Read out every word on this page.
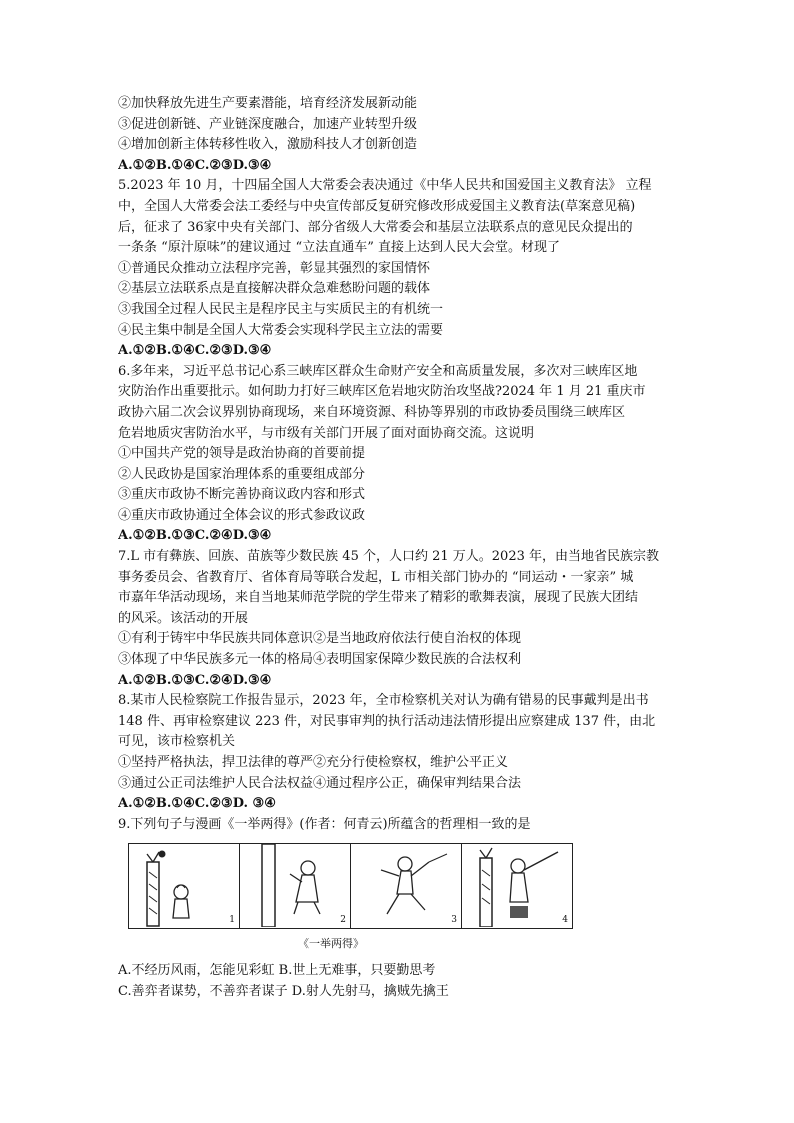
②加快释放先进生产要素潜能，培育经济发展新动能
③促进创新链、产业链深度融合，加速产业转型升级
④增加创新主体转移性收入，激励科技人才创新创造
A.①②B.①④C.②③D.③④
5.2023 年 10 月，十四届全国人大常委会表决通过《中华人民共和国爱国主义教育法》 立程
中，全国人大常委会法工委经与中央宣传部反复研究修改形成爱国主义教育法(草案意见稿)
后，征求了 36家中央有关部门、部分省级人大常委会和基层立法联系点的意见民众提出的
一条条 “原汁原味”的建议通过 “立法直通车” 直接上达到人民大会堂。材现了
①普通民众推动立法程序完善，彰显其强烈的家国情怀
②基层立法联系点是直接解决群众急难愁盼问题的载体
③我国全过程人民民主是程序民主与实质民主的有机统一
④民主集中制是全国人大常委会实现科学民主立法的需要
A.①②B.①④C.②③D.③④
6.多年来，习近平总书记心系三峡库区群众生命财产安全和高质量发展，多次对三峡库区地
灾防治作出重要批示。如何助力打好三峡库区危岩地灾防治攻坚战?2024 年 1 月 21 重庆市
政协六届二次会议界别协商现场，来自环境资源、科协等界别的市政协委员围绕三峡库区
危岩地质灾害防治水平，与市级有关部门开展了面对面协商交流。这说明
①中国共产党的领导是政治协商的首要前提
②人民政协是国家治理体系的重要组成部分
③重庆市政协不断完善协商议政内容和形式
④重庆市政协通过全体会议的形式参政议政
A.①②B.①③C.②④D.③④
7.L 市有彝族、回族、苗族等少数民族 45 个，人口约 21 万人。2023 年，由当地省民族宗教
事务委员会、省教育厅、省体育局等联合发起，L 市相关部门协办的 “同运动・一家亲” 城
市嘉年华活动现场，来自当地某师范学院的学生带来了精彩的歌舞表演，展现了民族大团结
的风采。该活动的开展
①有利于铸牢中华民族共同体意识②是当地政府依法行使自治权的体现
③体现了中华民族多元一体的格局④表明国家保障少数民族的合法权利
A.①②B.①③C.②④D.③④
8.某市人民检察院工作报告显示，2023 年，全市检察机关对认为确有错易的民事戴判是出书
148 件、再审检察建议 223 件，对民事审判的执行活动违法情形提出应察建成 137 件，由北
可见，该市检察机关
①坚持严格执法，捍卫法律的尊严②充分行使检察权，维护公平正义
③通过公正司法维护人民合法权益④通过程序公正，确保审判结果合法
A.①②B.①④C.②③D. ③④
9.下列句子与漫画《一举两得》(作者：何青云)所蕴含的哲理相一致的是
1	2	3	4
《一举两得》
A.不经历风雨，怎能见彩虹 B.世上无难事，只要勤思考
C.善弈者谋势，不善弈者谋子 D.射人先射马，擒贼先擒王
